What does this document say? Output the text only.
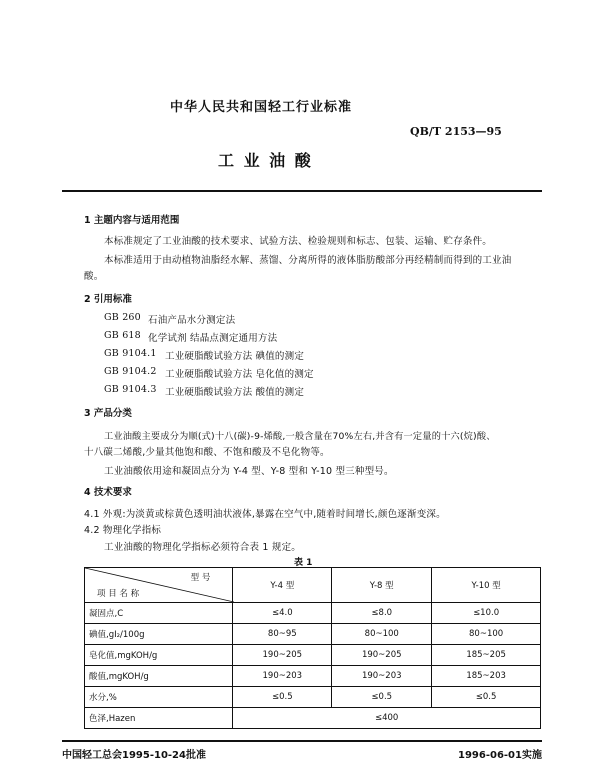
中华人民共和国轻工行业标准
QB/T 2153—95
工 业 油 酸
1 主题内容与适用范围
本标准规定了工业油酸的技术要求、试验方法、检验规则和标志、包装、运输、贮存条件。
本标准适用于由动植物油脂经水解、蒸馏、分离所得的液体脂肪酸部分再经精制而得到的工业油
酸。
2 引用标准
GB 260 石油产品水分测定法
GB 618 化学试剂 结晶点测定通用方法
GB 9104.1 工业硬脂酸试验方法 碘值的测定
GB 9104.2 工业硬脂酸试验方法 皂化值的测定
GB 9104.3 工业硬脂酸试验方法 酸值的测定
3 产品分类
工业油酸主要成分为顺(式)十八(碳)-9-烯酸,一般含量在70%左右,并含有一定量的十六(烷)酸、
十八碳二烯酸,少量其他饱和酸、不饱和酸及不皂化物等。
工业油酸依用途和凝固点分为 Y-4 型、Y-8 型和 Y-10 型三种型号。
4 技术要求
4.1 外观:为淡黄或棕黄色透明油状液体,暴露在空气中,随着时间增长,颜色逐渐变深。
4.2 物理化学指标
工业油酸的物理化学指标必须符合表 1 规定。
表 1
型 号
项 目 名 称	Y-4 型	Y-8 型	Y-10 型
凝固点,C	≤4.0	≤8.0	≤10.0
碘值,gI₂/100g	80~95	80~100	80~100
皂化值,mgKOH/g	190~205	190~205	185~205
酸值,mgKOH/g	190~203	190~203	185~203
水分,%	≤0.5	≤0.5	≤0.5
色泽,Hazen	≤400		
中国轻工总会1995-10-24批准	1996-06-01实施
